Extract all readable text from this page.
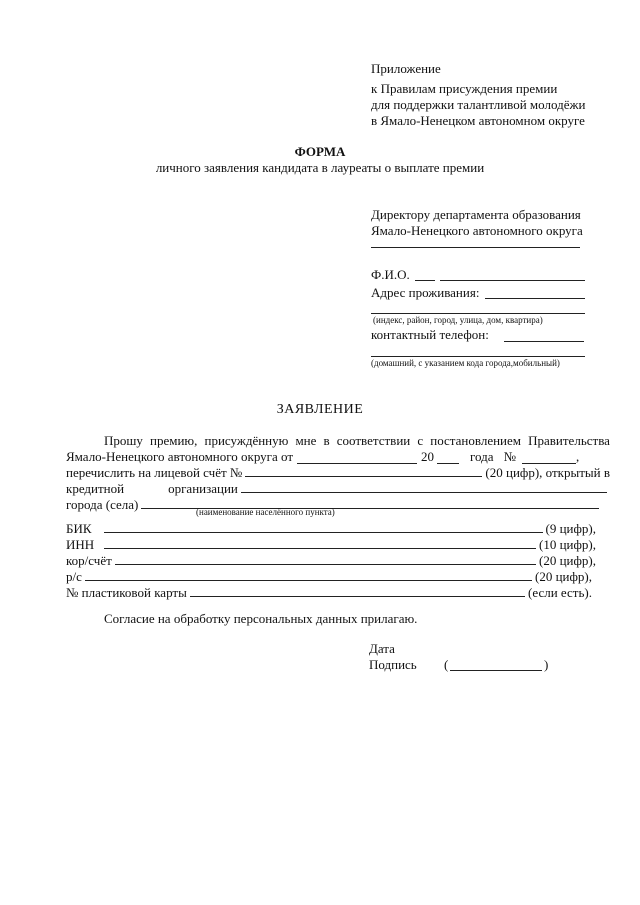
Приложение
к Правилам присуждения премии
для поддержки талантливой молодёжи
в Ямало-Ненецком автономном округе
ФОРМА
личного заявления кандидата в лауреаты о выплате премии
Директору департамента образования
Ямало-Ненецкого автономного округа
Ф.И.О.
Адрес проживания:
(индекс, район, город, улица, дом, квартира)
контактный телефон:
(домашний, с указанием кода города,мобильный)
ЗАЯВЛЕНИЕ
Прошу премию, присуждённую мне в соответствии с постановлением Правительства
Ямало-Ненецкого автономного округа от	20	года №	,
перечислить на лицевой счёт №	(20 цифр), открытый в
кредитной	организации
города (села)	(наименование населённого пункта)
БИК	(9 цифр),
ИНН	(10 цифр),
кор/счёт	(20 цифр),
р/с	(20 цифр),
№ пластиковой карты	(если есть).
Согласие на обработку персональных данных прилагаю.
Дата
Подпись (	)
